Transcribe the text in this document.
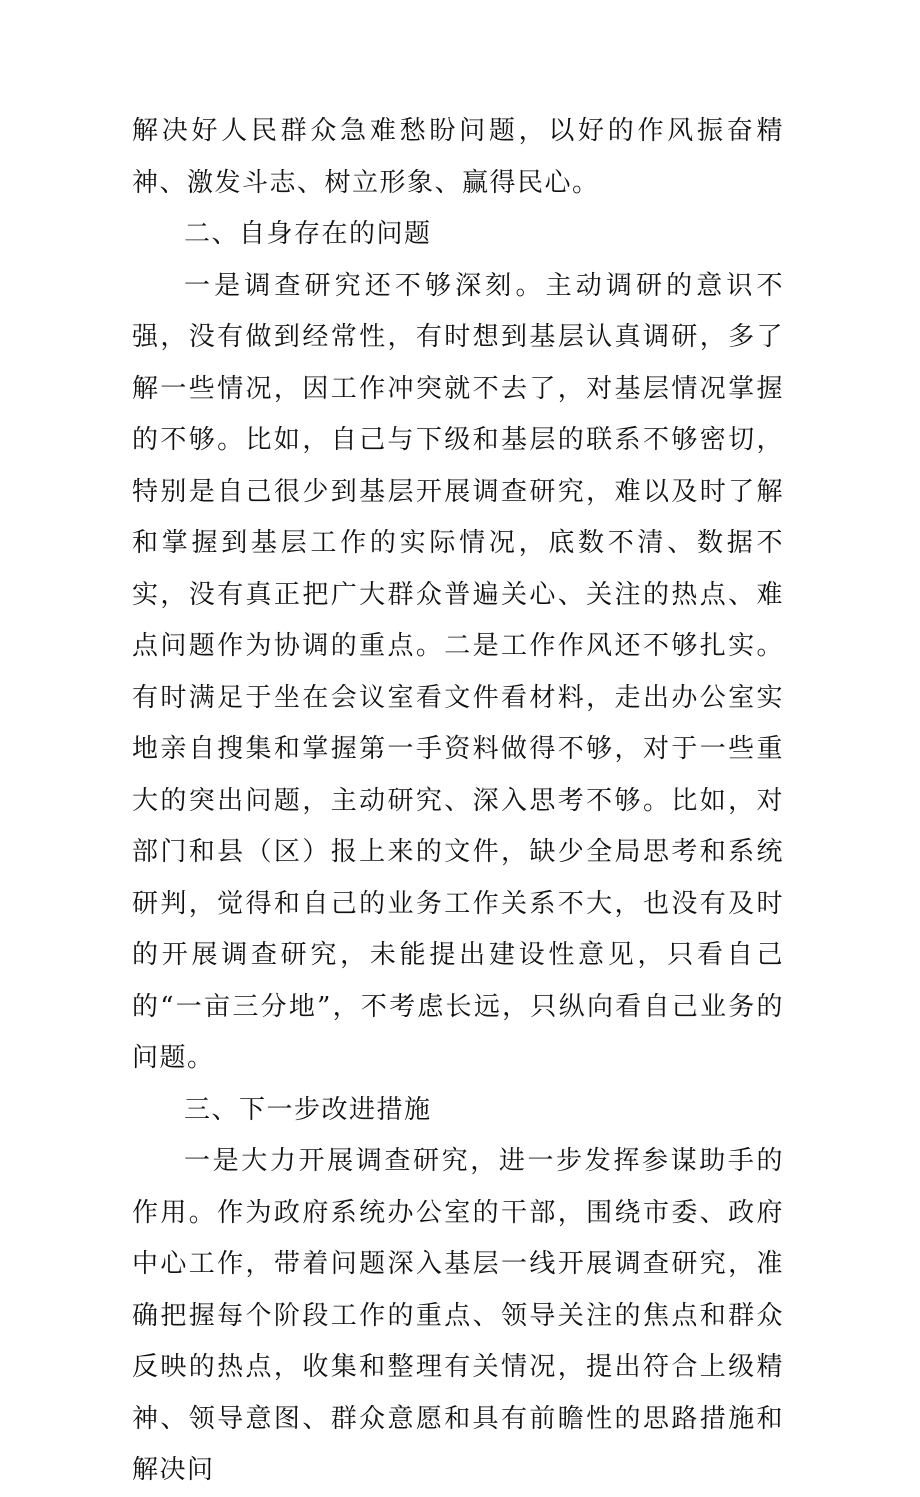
解决好人民群众急难愁盼问题，以好的作风振奋精神、激发斗志、树立形象、赢得民心。

二、自身存在的问题

一是调查研究还不够深刻。主动调研的意识不强，没有做到经常性，有时想到基层认真调研，多了解一些情况，因工作冲突就不去了，对基层情况掌握的不够。比如，自己与下级和基层的联系不够密切，特别是自己很少到基层开展调查研究，难以及时了解和掌握到基层工作的实际情况，底数不清、数据不实，没有真正把广大群众普遍关心、关注的热点、难点问题作为协调的重点。二是工作作风还不够扎实。有时满足于坐在会议室看文件看材料，走出办公室实地亲自搜集和掌握第一手资料做得不够，对于一些重大的突出问题，主动研究、深入思考不够。比如，对部门和县（区）报上来的文件，缺少全局思考和系统研判，觉得和自己的业务工作关系不大，也没有及时的开展调查研究，未能提出建设性意见，只看自己的“一亩三分地”，不考虑长远，只纵向看自己业务的问题。

三、下一步改进措施

一是大力开展调查研究，进一步发挥参谋助手的作用。作为政府系统办公室的干部，围绕市委、政府中心工作，带着问题深入基层一线开展调查研究，准确把握每个阶段工作的重点、领导关注的焦点和群众反映的热点，收集和整理有关情况，提出符合上级精神、领导意图、群众意愿和具有前瞻性的思路措施和解决问
